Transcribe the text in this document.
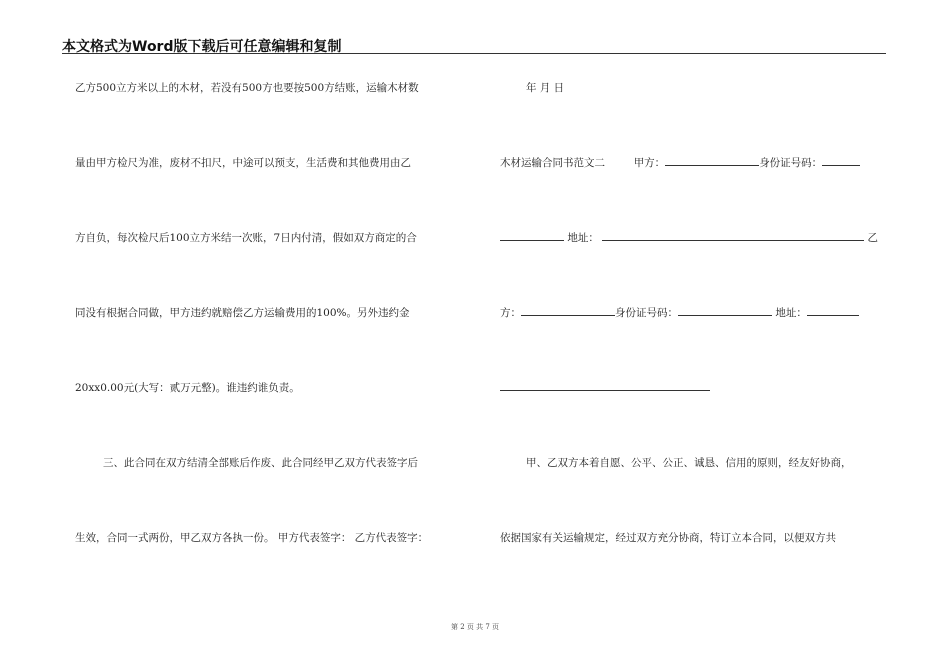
本文格式为Word版下载后可任意编辑和复制
乙方500立方米以上的木材，若没有500方也要按500方结账，运输木材数
量由甲方检尺为准，废材不扣尺，中途可以预支，生活费和其他费用由乙
方自负，每次检尺后100立方米结一次账，7日内付清，假如双方商定的合
同没有根据合同做，甲方违约就赔偿乙方运输费用的100%。另外违约金
20xx0.00元(大写：贰万元整)。谁违约谁负责。
三、此合同在双方结清全部账后作废、此合同经甲乙双方代表签字后
生效，合同一式两份，甲乙双方各执一份。 甲方代表签字： 乙方代表签字：
年 月 日
木材运输合同书范文二	甲方：	身份证号码：
地址：	乙
方：	身份证号码：	地址：
甲、乙双方本着自愿、公平、公正、诚恳、信用的原则，经友好协商，
依据国家有关运输规定，经过双方充分协商，特订立本合同，以便双方共
第 2 页 共 7 页
